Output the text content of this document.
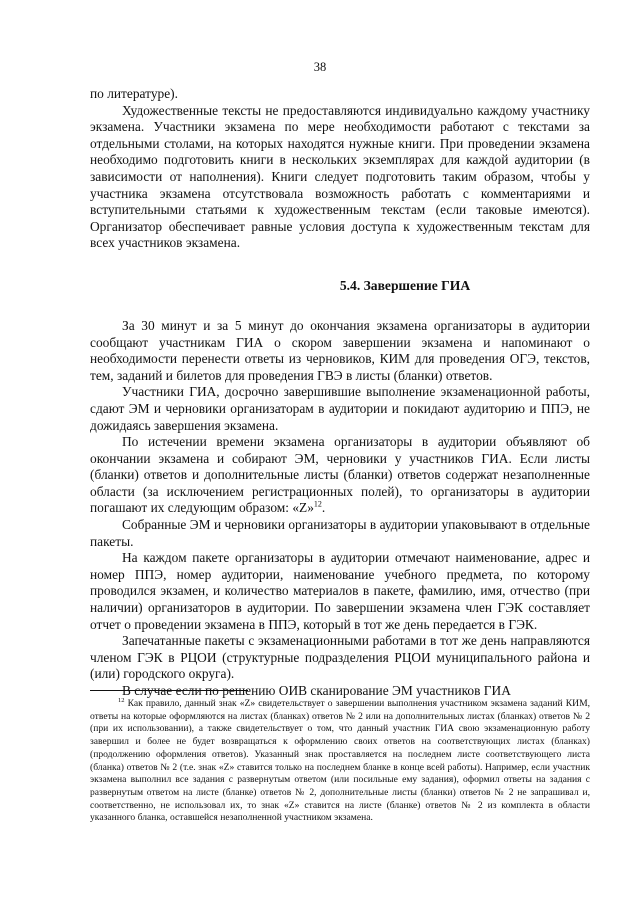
38

по литературе).

Художественные тексты не предоставляются индивидуально каждому участнику экзамена. Участники экзамена по мере необходимости работают с текстами за отдельными столами, на которых находятся нужные книги. При проведении экзамена необходимо подготовить книги в нескольких экземплярах для каждой аудитории (в зависимости от наполнения). Книги следует подготовить таким образом, чтобы у участника экзамена отсутствовала возможность работать с комментариями и вступительными статьями к художественным текстам (если таковые имеются). Организатор обеспечивает равные условия доступа к художественным текстам для всех участников экзамена.

5.4. Завершение ГИА

За 30 минут и за 5 минут до окончания экзамена организаторы в аудитории сообщают участникам ГИА о скором завершении экзамена и напоминают о необходимости перенести ответы из черновиков, КИМ для проведения ОГЭ, текстов, тем, заданий и билетов для проведения ГВЭ в листы (бланки) ответов.

Участники ГИА, досрочно завершившие выполнение экзаменационной работы, сдают ЭМ и черновики организаторам в аудитории и покидают аудиторию и ППЭ, не дожидаясь завершения экзамена.

По истечении времени экзамена организаторы в аудитории объявляют об окончании экзамена и собирают ЭМ, черновики у участников ГИА. Если листы (бланки) ответов и дополнительные листы (бланки) ответов содержат незаполненные области (за исключением регистрационных полей), то организаторы в аудитории погашают их следующим образом: «Z»$^{12}$.

Собранные ЭМ и черновики организаторы в аудитории упаковывают в отдельные пакеты.

На каждом пакете организаторы в аудитории отмечают наименование, адрес и номер ППЭ, номер аудитории, наименование учебного предмета, по которому проводился экзамен, и количество материалов в пакете, фамилию, имя, отчество (при наличии) организаторов в аудитории. По завершении экзамена член ГЭК составляет отчет о проведении экзамена в ППЭ, который в тот же день передается в ГЭК.

Запечатанные пакеты с экзаменационными работами в тот же день направляются членом ГЭК в РЦОИ (структурные подразделения РЦОИ муниципального района и (или) городского округа).

В случае если по решению ОИВ сканирование ЭМ участников ГИА

$^{12}$ Как правило, данный знак «Z» свидетельствует о завершении выполнения участником экзамена заданий КИМ, ответы на которые оформляются на листах (бланках) ответов № 2 или на дополнительных листах (бланках) ответов № 2 (при их использовании), а также свидетельствует о том, что данный участник ГИА свою экзаменационную работу завершил и более не будет возвращаться к оформлению своих ответов на соответствующих листах (бланках) (продолжению оформления ответов). Указанный знак проставляется на последнем листе соответствующего листа (бланка) ответов № 2 (т.е. знак «Z» ставится только на последнем бланке в конце всей работы). Например, если участник экзамена выполнил все задания с развернутым ответом (или посильные ему задания), оформил ответы на задания с развернутым ответом на листе (бланке) ответов № 2, дополнительные листы (бланки) ответов № 2 не запрашивал и, соответственно, не использовал их, то знак «Z» ставится на листе (бланке) ответов № 2 из комплекта в области указанного бланка, оставшейся незаполненной участником экзамена.
